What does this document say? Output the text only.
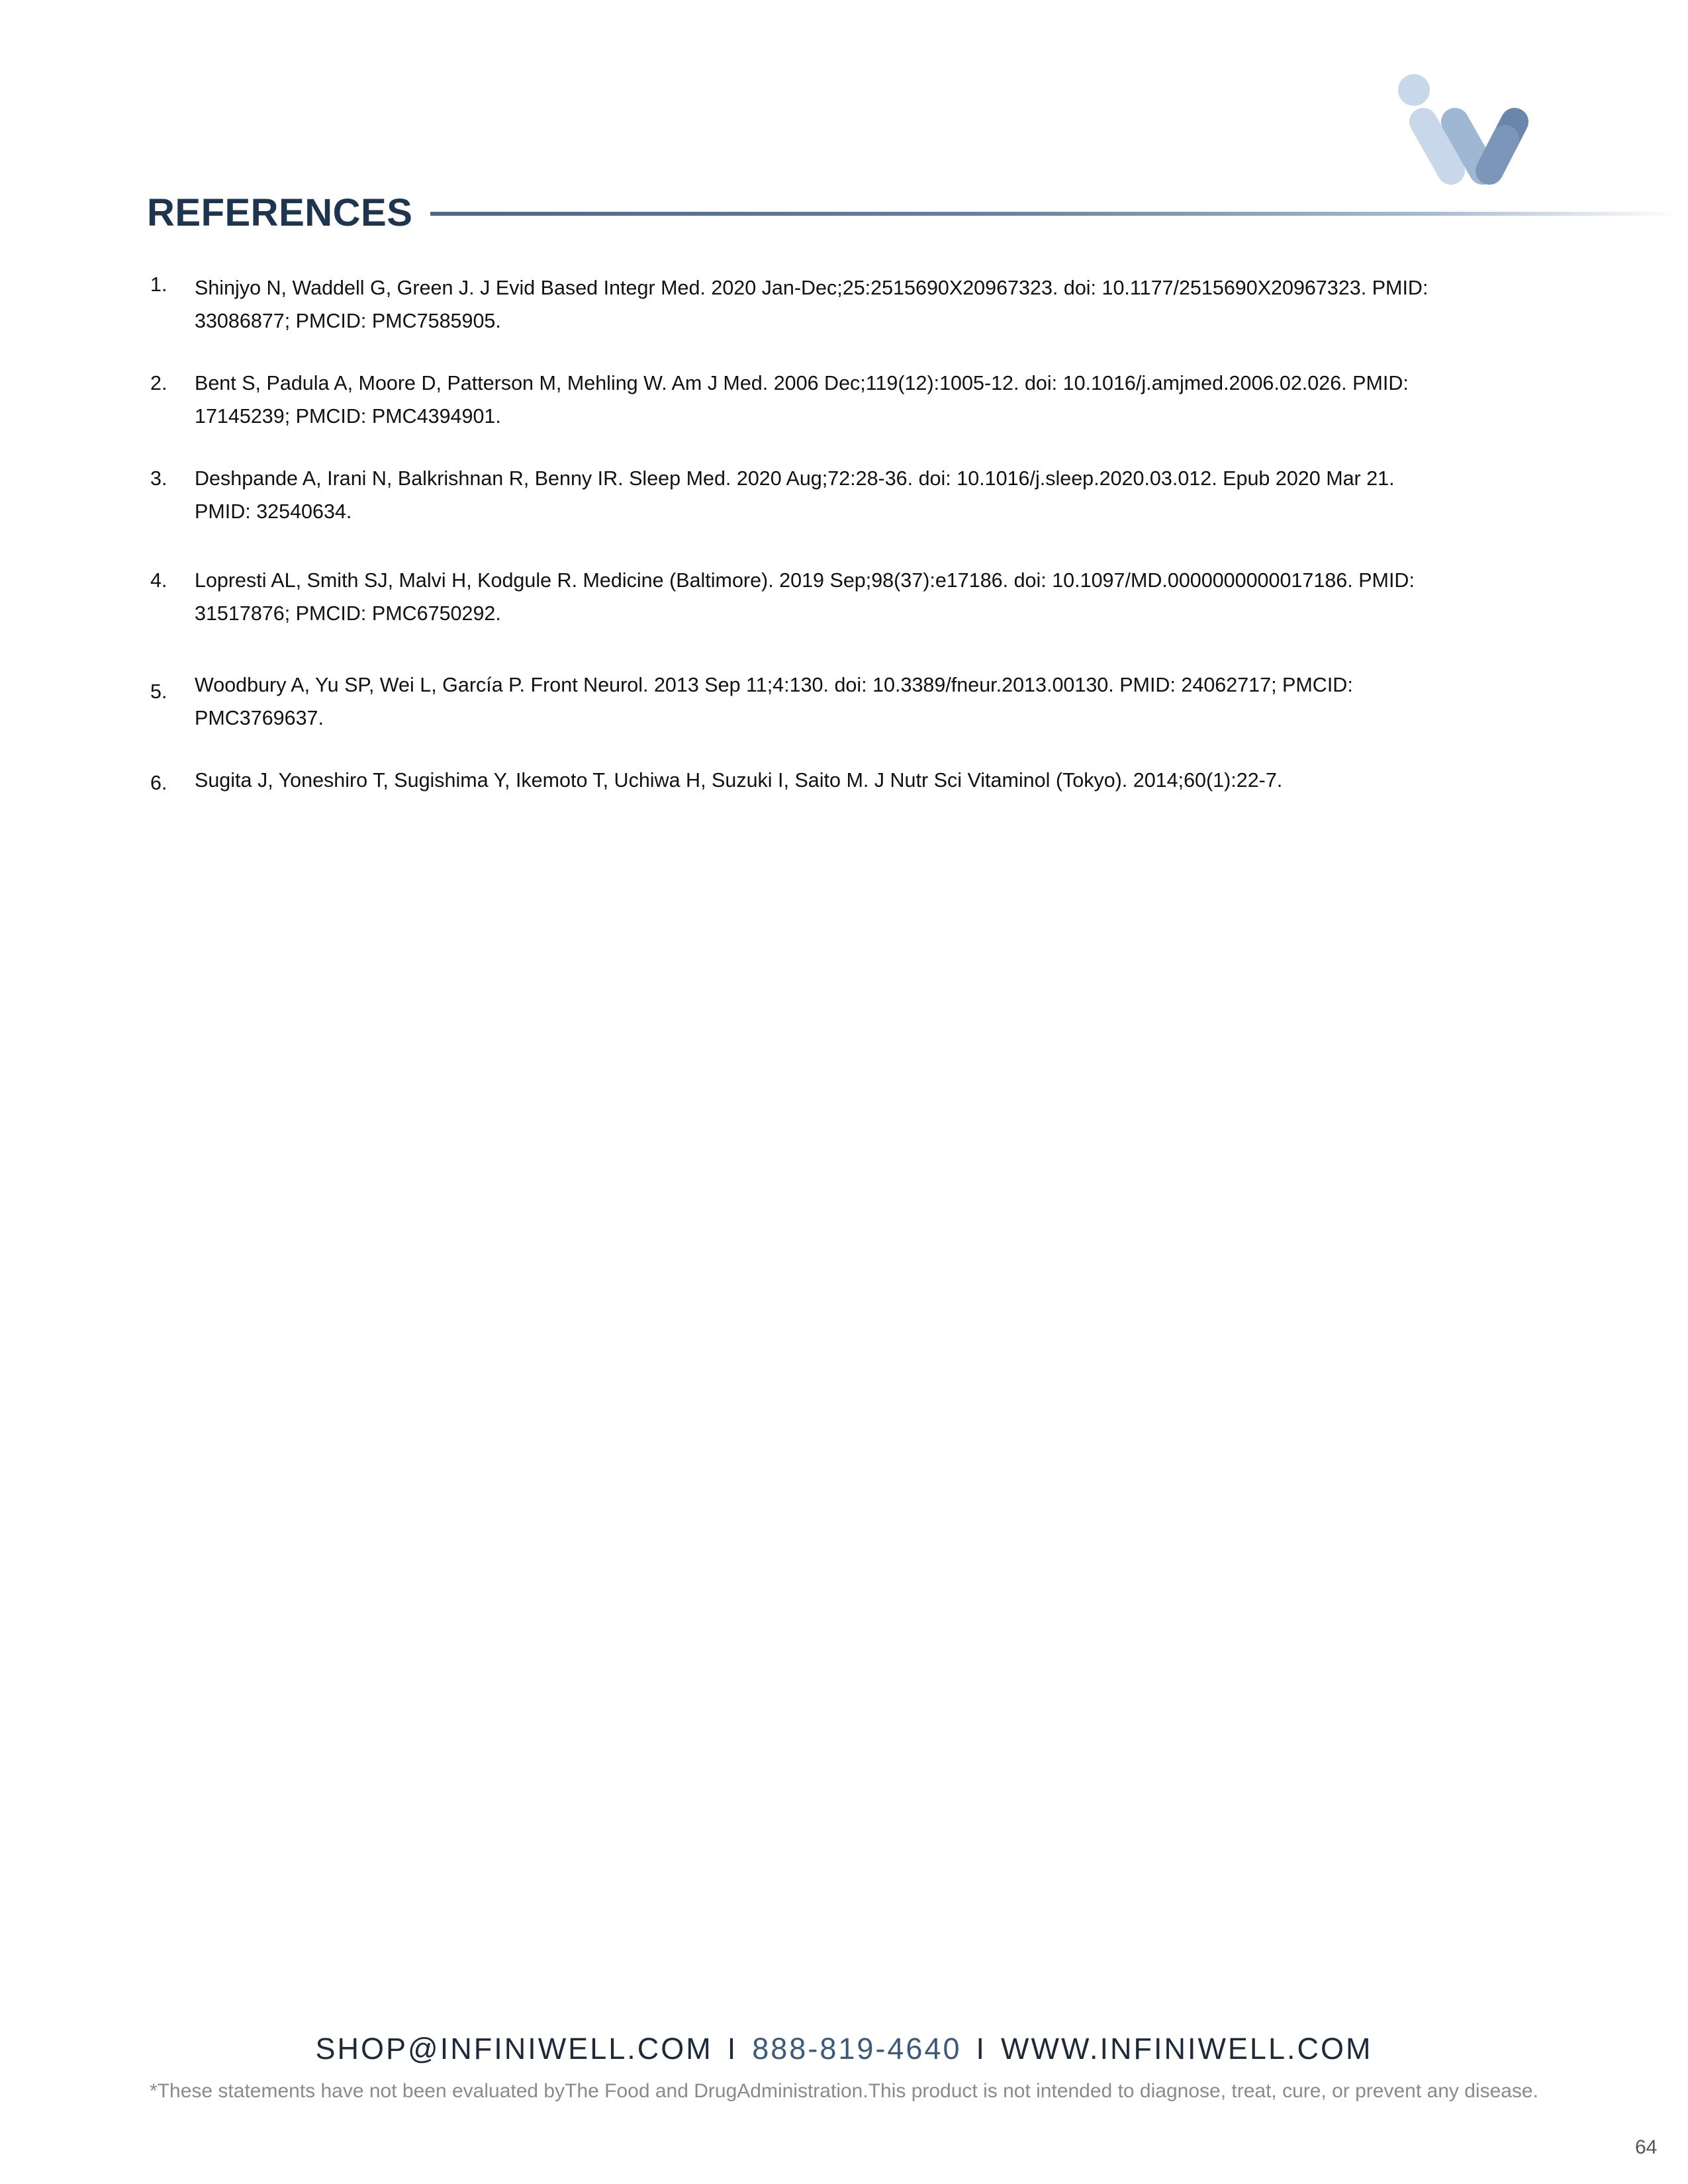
REFERENCES
1. Shinjyo N, Waddell G, Green J. J Evid Based Integr Med. 2020 Jan-Dec;25:2515690X20967323. doi: 10.1177/2515690X20967323. PMID:
33086877; PMCID: PMC7585905.
2. Bent S, Padula A, Moore D, Patterson M, Mehling W. Am J Med. 2006 Dec;119(12):1005-12. doi: 10.1016/j.amjmed.2006.02.026. PMID:
17145239; PMCID: PMC4394901.
3. Deshpande A, Irani N, Balkrishnan R, Benny IR. Sleep Med. 2020 Aug;72:28-36. doi: 10.1016/j.sleep.2020.03.012. Epub 2020 Mar 21.
PMID: 32540634.
4. Lopresti AL, Smith SJ, Malvi H, Kodgule R. Medicine (Baltimore). 2019 Sep;98(37):e17186. doi: 10.1097/MD.0000000000017186. PMID:
31517876; PMCID: PMC6750292.
5. Woodbury A, Yu SP, Wei L, García P. Front Neurol. 2013 Sep 11;4:130. doi: 10.3389/fneur.2013.00130. PMID: 24062717; PMCID:
PMC3769637.
6. Sugita J, Yoneshiro T, Sugishima Y, Ikemoto T, Uchiwa H, Suzuki I, Saito M. J Nutr Sci Vitaminol (Tokyo). 2014;60(1):22-7.
SHOP@INFINIWELL.COM I 888-819-4640 I WWW.INFINIWELL.COM
*These statements have not been evaluated byThe Food and DrugAdministration.This product is not intended to diagnose, treat, cure, or prevent any disease.
64
